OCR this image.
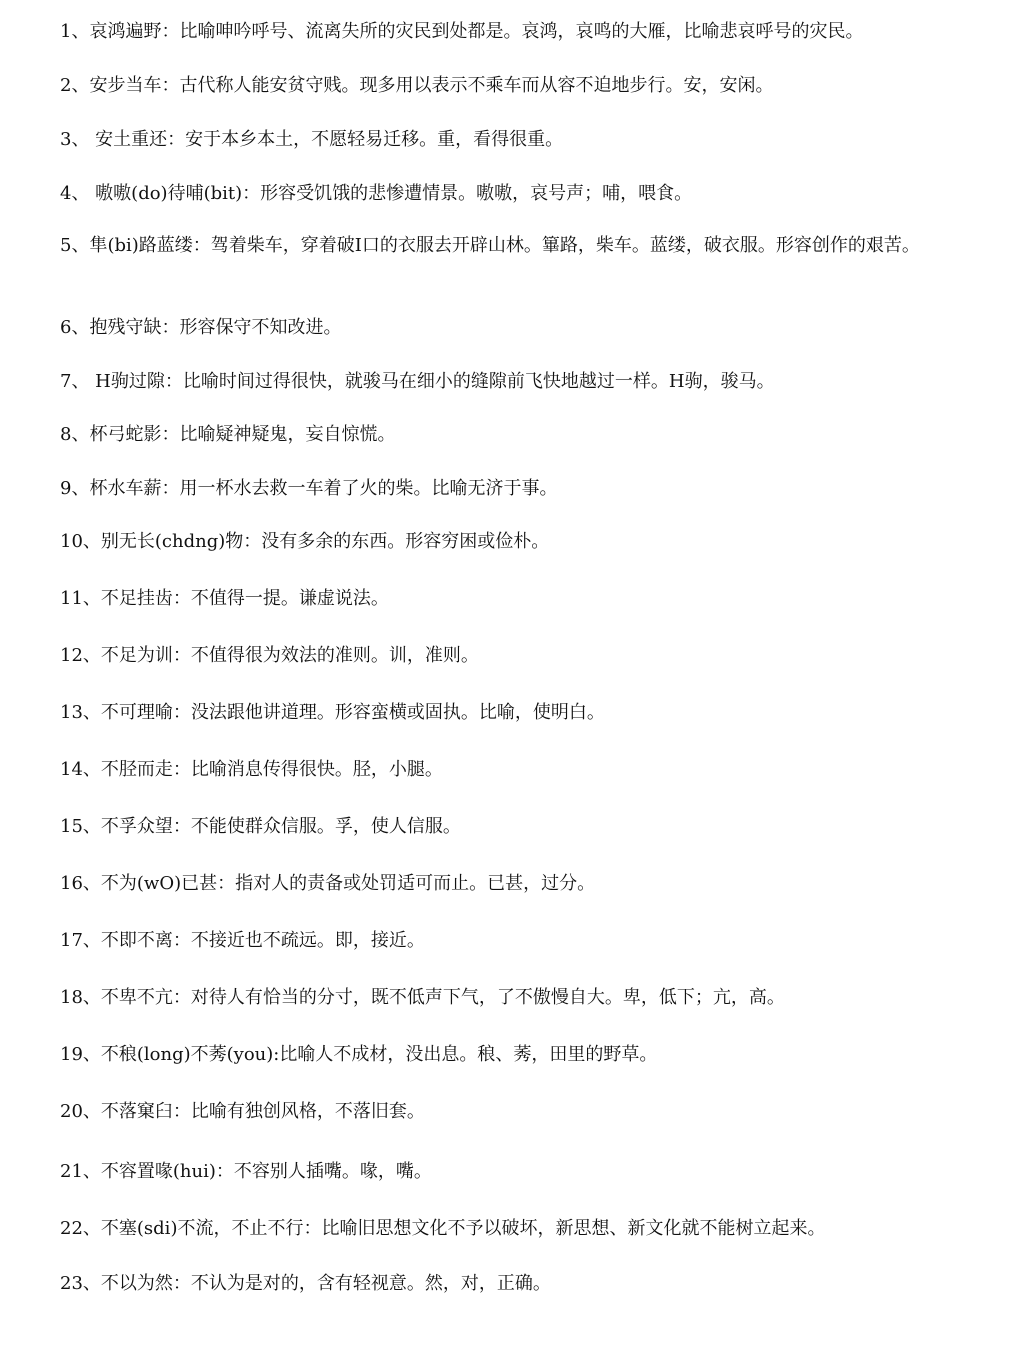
1、哀鸿遍野：比喻呻吟呼号、流离失所的灾民到处都是。哀鸿，哀鸣的大雁，比喻悲哀呼号的灾民。
2、安步当车：古代称人能安贫守贱。现多用以表示不乘车而从容不迫地步行。安，安闲。
3、 安土重还：安于本乡本土，不愿轻易迁移。重，看得很重。
4、 嗷嗷(do)待哺(bit)：形容受饥饿的悲惨遭情景。嗷嗷，哀号声；哺，喂食。
5、隼(bi)路蓝缕：驾着柴车，穿着破I口的衣服去开辟山林。篳路，柴车。蓝缕，破衣服。形容创作的艰苦。
6、抱残守缺：形容保守不知改进。
7、 H驹过隙：比喻时间过得很快，就骏马在细小的缝隙前飞快地越过一样。H驹，骏马。
8、杯弓蛇影：比喻疑神疑鬼，妄自惊慌。
9、杯水车薪：用一杯水去救一车着了火的柴。比喻无济于事。
10、别无长(chdng)物：没有多余的东西。形容穷困或俭朴。
11、不足挂齿：不值得一提。谦虚说法。
12、不足为训：不值得很为效法的准则。训，准则。
13、不可理喻：没法跟他讲道理。形容蛮横或固执。比喻，使明白。
14、不胫而走：比喻消息传得很快。胫，小腿。
15、不孚众望：不能使群众信服。孚，使人信服。
16、不为(wO)已甚：指对人的责备或处罚适可而止。已甚，过分。
17、不即不离：不接近也不疏远。即，接近。
18、不卑不亢：对待人有恰当的分寸，既不低声下气，了不傲慢自大。卑，低下；亢，高。
19、不稂(long)不莠(you):比喻人不成材，没出息。稂、莠，田里的野草。
20、不落窠臼：比喻有独创风格，不落旧套。
21、不容置喙(hui)：不容别人插嘴。喙，嘴。
22、不塞(sdi)不流，不止不行：比喻旧思想文化不予以破坏，新思想、新文化就不能树立起来。
23、不以为然：不认为是对的，含有轻视意。然，对，正确。
